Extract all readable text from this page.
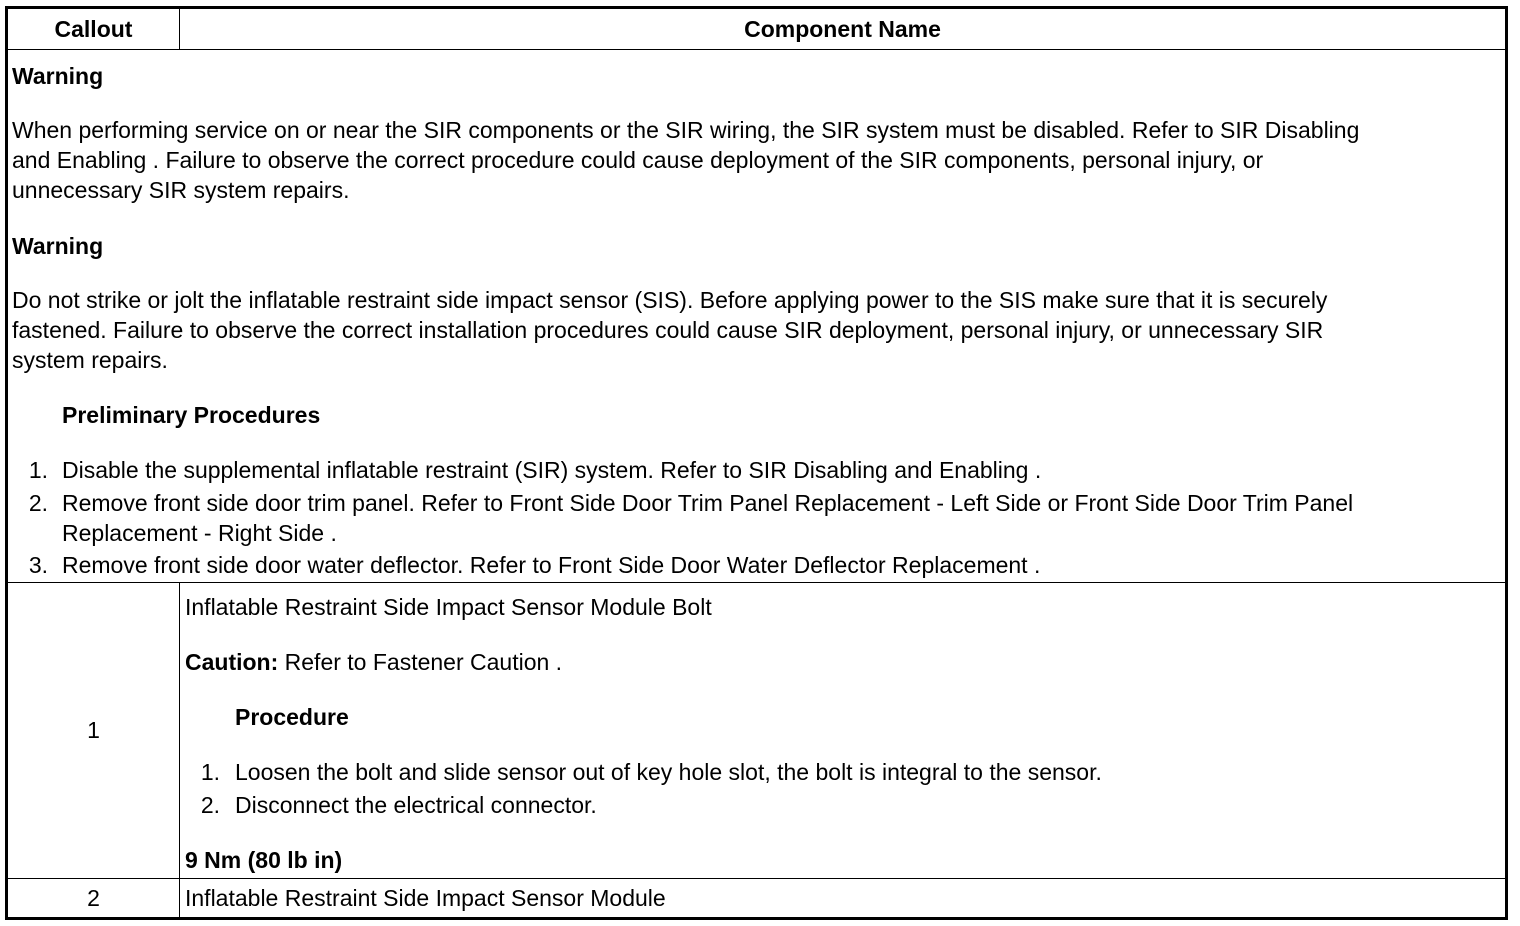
Callout	Component Name
Warning
When performing service on or near the SIR components or the SIR wiring, the SIR system must be disabled. Refer to SIR Disabling
and Enabling . Failure to observe the correct procedure could cause deployment of the SIR components, personal injury, or
unnecessary SIR system repairs.
Warning
Do not strike or jolt the inflatable restraint side impact sensor (SIS). Before applying power to the SIS make sure that it is securely
fastened. Failure to observe the correct installation procedures could cause SIR deployment, personal injury, or unnecessary SIR
system repairs.
Preliminary Procedures
1. Disable the supplemental inflatable restraint (SIR) system. Refer to SIR Disabling and Enabling .
2. Remove front side door trim panel. Refer to Front Side Door Trim Panel Replacement - Left Side or Front Side Door Trim Panel
Replacement - Right Side .
3. Remove front side door water deflector. Refer to Front Side Door Water Deflector Replacement .
1
Inflatable Restraint Side Impact Sensor Module Bolt
Caution: Refer to Fastener Caution .
Procedure
1. Loosen the bolt and slide sensor out of key hole slot, the bolt is integral to the sensor.
2. Disconnect the electrical connector.
9 Nm (80 lb in)
2	Inflatable Restraint Side Impact Sensor Module
